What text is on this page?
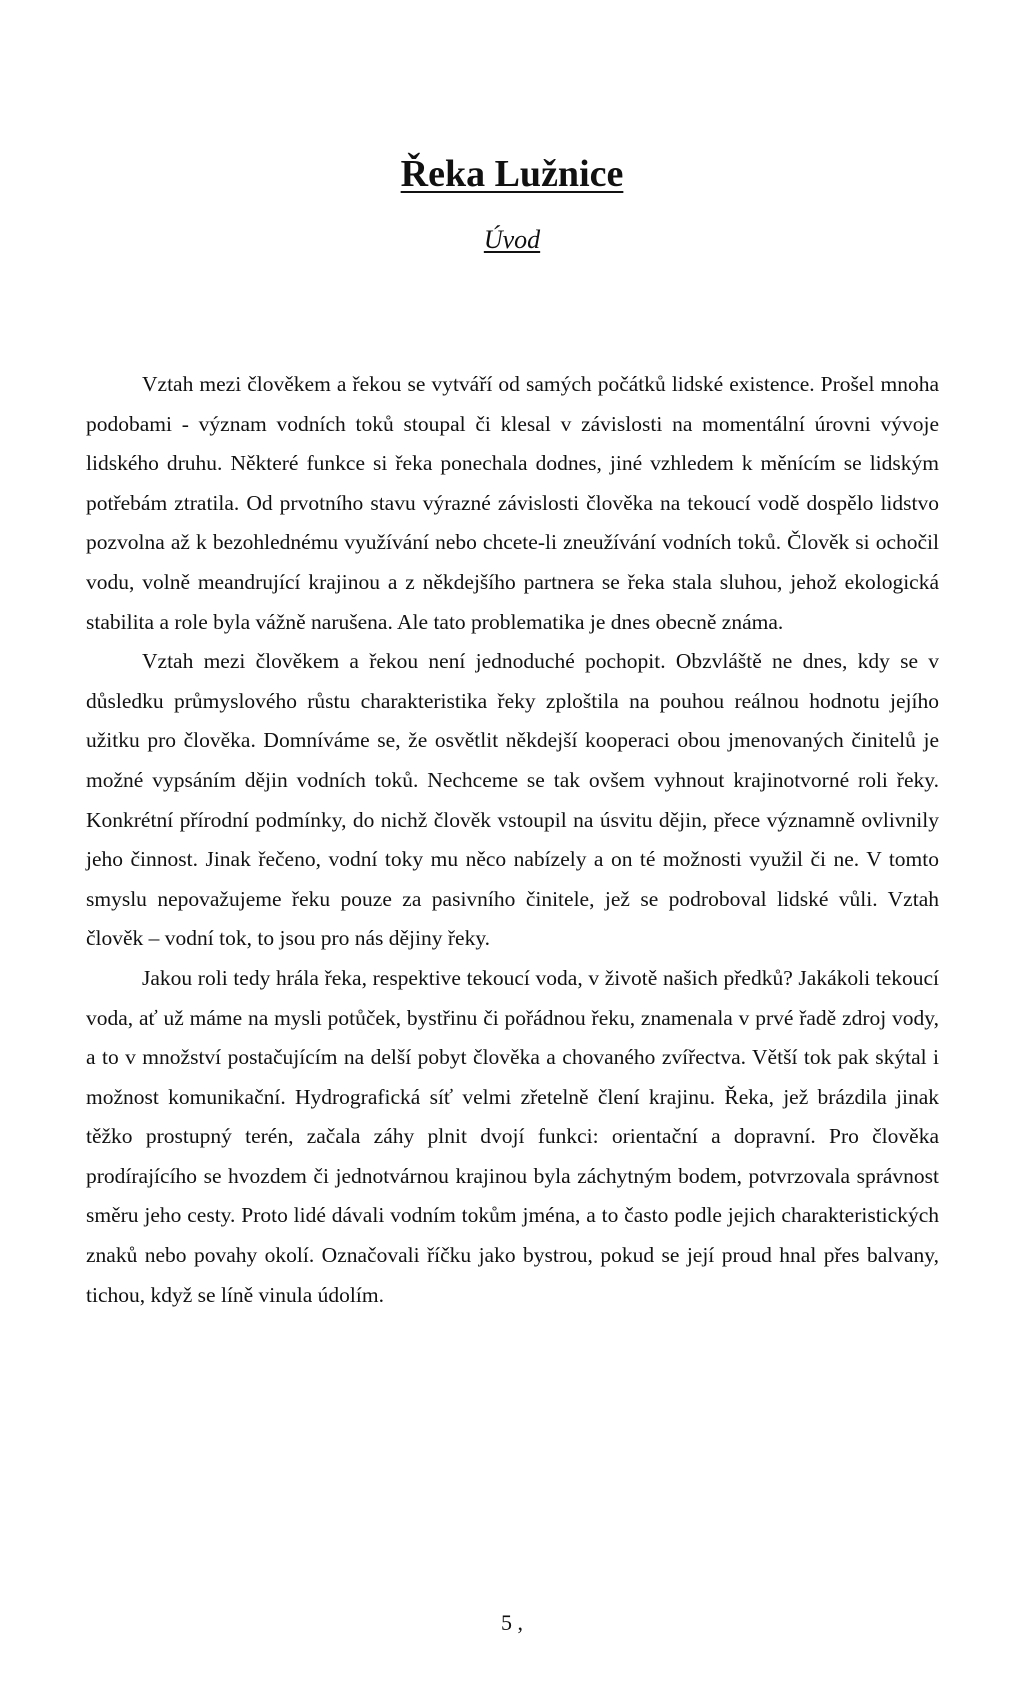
Řeka Lužnice
Úvod

Vztah mezi člověkem a řekou se vytváří od samých počátků lidské existence. Prošel mnoha podobami - význam vodních toků stoupal či klesal v závislosti na momentální úrovni vývoje lidského druhu. Některé funkce si řeka ponechala dodnes, jiné vzhledem k měnícím se lidským potřebám ztratila. Od prvotního stavu výrazné závislosti člověka na tekoucí vodě dospělo lidstvo pozvolna až k bezohlednému využívání nebo chcete-li zneužívání vodních toků. Člověk si ochočil vodu, volně meandrující krajinou a z někdejšího partnera se řeka stala sluhou, jehož ekologická stabilita a role byla vážně narušena. Ale tato problematika je dnes obecně známa.

Vztah mezi člověkem a řekou není jednoduché pochopit. Obzvláště ne dnes, kdy se v důsledku průmyslového růstu charakteristika řeky zploštila na pouhou reálnou hodnotu jejího užitku pro člověka. Domníváme se, že osvětlit někdejší kooperaci obou jmenovaných činitelů je možné vypsáním dějin vodních toků. Nechceme se tak ovšem vyhnout krajinotvorné roli řeky. Konkrétní přírodní podmínky, do nichž člověk vstoupil na úsvitu dějin, přece významně ovlivnily jeho činnost. Jinak řečeno, vodní toky mu něco nabízely a on té možnosti využil či ne. V tomto smyslu nepovažujeme řeku pouze za pasivního činitele, jež se podroboval lidské vůli. Vztah člověk – vodní tok, to jsou pro nás dějiny řeky.

Jakou roli tedy hrála řeka, respektive tekoucí voda, v životě našich předků? Jakákoli tekoucí voda, ať už máme na mysli potůček, bystřinu či pořádnou řeku, znamenala v prvé řadě zdroj vody, a to v množství postačujícím na delší pobyt člověka a chovaného zvířectva. Větší tok pak skýtal i možnost komunikační. Hydrografická síť velmi zřetelně člení krajinu. Řeka, jež brázdila jinak těžko prostupný terén, začala záhy plnit dvojí funkci: orientační a dopravní. Pro člověka prodírajícího se hvozdem či jednotvárnou krajinou byla záchytným bodem, potvrzovala správnost směru jeho cesty. Proto lidé dávali vodním tokům jména, a to často podle jejich charakteristických znaků nebo povahy okolí. Označovali říčku jako bystrou, pokud se její proud hnal přes balvany, tichou, když se líně vinula údolím.

5 ,
